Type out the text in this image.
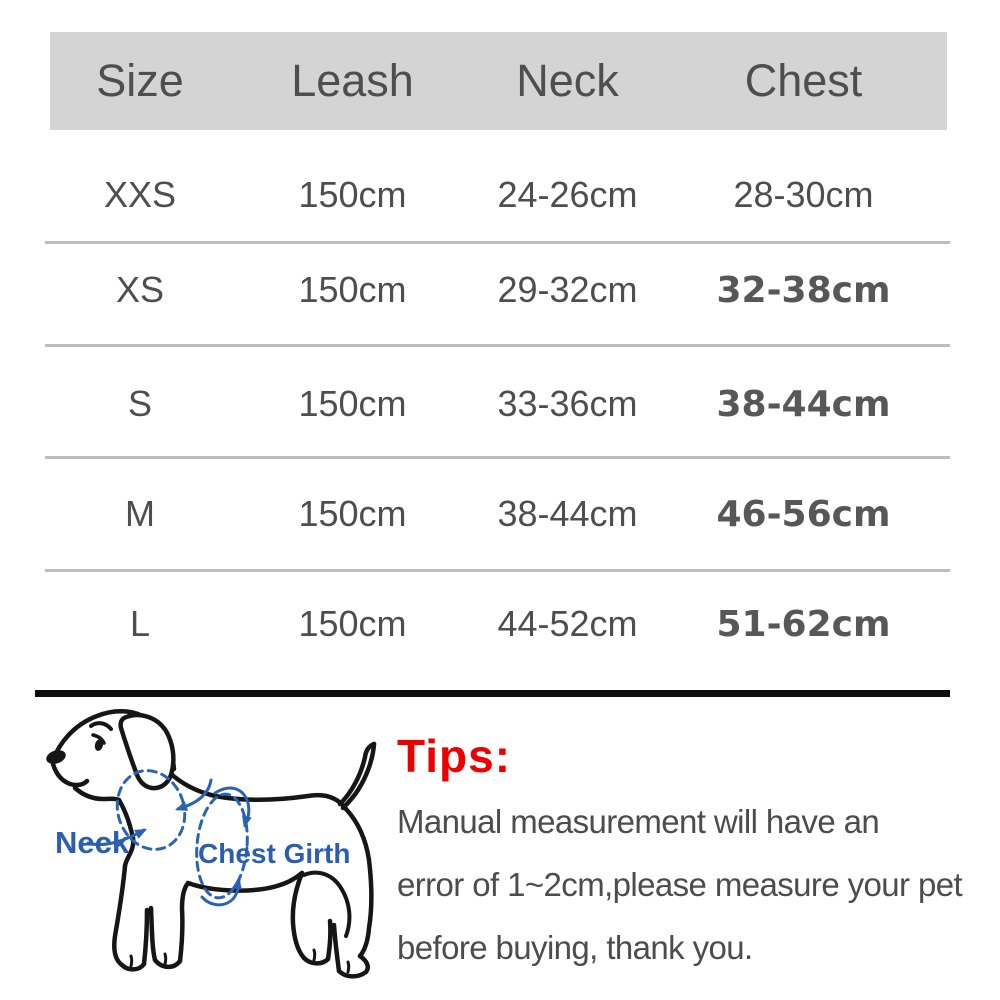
Size	Leash	Neck	Chest
XXS	150cm	24-26cm	28-30cm
XS	150cm	29-32cm	32-38cm
S	150cm	33-36cm	38-44cm
M	150cm	38-44cm	46-56cm
L	150cm	44-52cm	51-62cm
Neck Chest Girth
Tips:

Manual measurement will have an

error of 1~2cm,please measure your pet

before buying, thank you.
